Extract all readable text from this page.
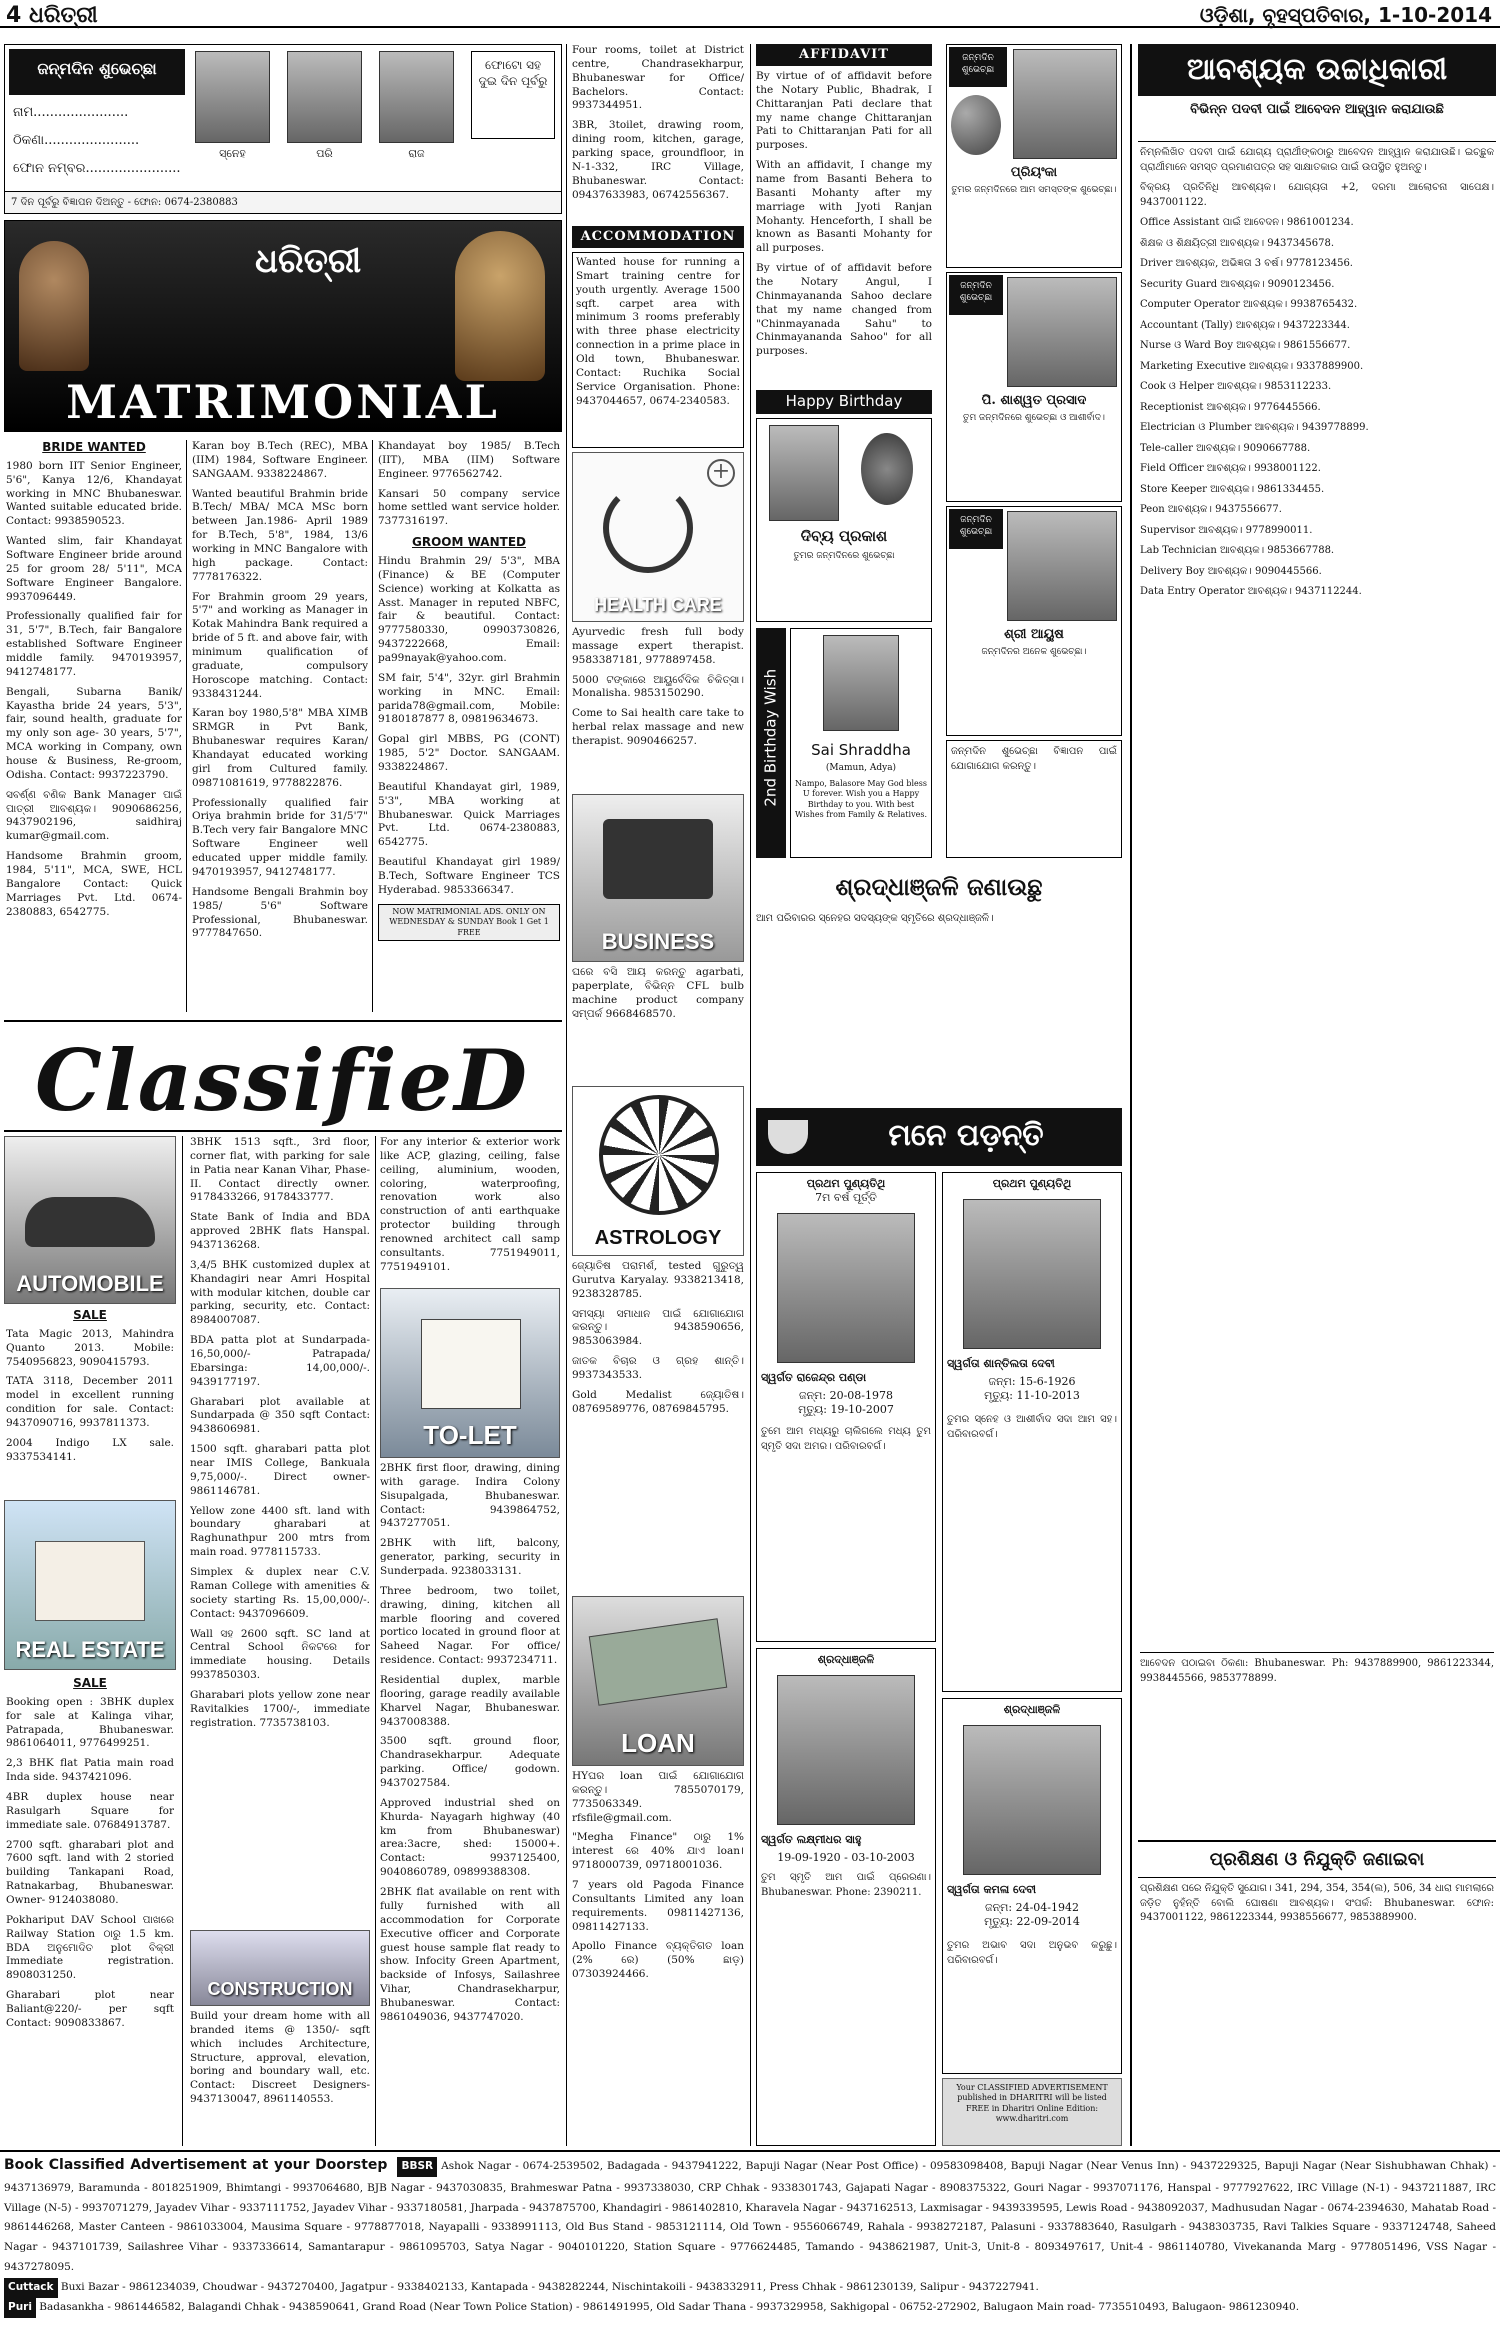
4 ଧରିତ୍ରୀ	ଓଡ଼ିଶା, ବୃହସ୍ପତିବାର, 1-10-2014
ଜନ୍ମଦିନ ଶୁଭେଚ୍ଛା
ନାମ.......................
ଠିକଣା.......................
ଫୋନ ନମ୍ବର.......................
ସ୍ନେହ	ପରି	ରାଜ
ଫୋଟୋ ସହ ଦୁଇ ଦିନ ପୂର୍ବରୁ
7 ଦିନ ପୂର୍ବରୁ ବିଜ୍ଞାପନ ଦିଅନ୍ତୁ - ଫୋନ: 0674-2380883
ଧରିତ୍ରୀ
MATRIMONIAL
BRIDE WANTED
1980 born IIT Senior Engineer, 5'6", Kanya 12/6, Khandayat working in MNC Bhubaneswar. Wanted suitable educated bride. Contact: 9938590523.
Wanted slim, fair Khandayat Software Engineer bride around 25 for groom 28/ 5'11", MCA Software Engineer Bangalore. 9937096449.
Professionally qualified fair for 31, 5'7", B.Tech, fair Bangalore established Software Engineer middle family. 9470193957, 9412748177.
Bengali, Subarna Banik/ Kayastha bride 24 years, 5'3", fair, sound health, graduate for my only son age- 30 years, 5'7", MCA working in Company, own house & Business, Re-groom, Odisha. Contact: 9937223790.
ସବର୍ଣ୍ଣ ବଣିକ Bank Manager ପାଇଁ ପାତ୍ରୀ ଆବଶ୍ୟକ। 9090686256, 9437902196, saidhiraj kumar@gmail.com.
Handsome Brahmin groom, 1984, 5'11", MCA, SWE, HCL Bangalore Contact: Quick Marriages Pvt. Ltd. 0674-2380883, 6542775.
Karan boy B.Tech (REC), MBA (IIM) 1984, Software Engineer. SANGAAM. 9338224867.
Wanted beautiful Brahmin bride B.Tech/ MBA/ MCA MSc born between Jan.1986- April 1989 for B.Tech, 5'8", 1984, 13/6 working in MNC Bangalore with high package. Contact: 7778176322.
For Brahmin groom 29 years, 5'7" and working as Manager in Kotak Mahindra Bank required a bride of 5 ft. and above fair, with minimum qualification of graduate, compulsory Horoscope matching. Contact: 9338431244.
Karan boy 1980,5'8" MBA XIMB SRMGR in Pvt Bank, Bhubaneswar requires Karan/ Khandayat educated working girl from Cultured family. 09871081619, 9778822876.
Professionally qualified fair Oriya brahmin bride for 31/5'7" B.Tech very fair Bangalore MNC Software Engineer well educated upper middle family. 9470193957, 9412748177.
Handsome Bengali Brahmin boy 1985/ 5'6" Software Professional, Bhubaneswar. 9777847650.
Khandayat boy 1985/ B.Tech (IIT), MBA (IIM) Software Engineer. 9776562742.
Kansari 50 company service home settled want service holder. 7377316197.
GROOM WANTED
Hindu Brahmin 29/ 5'3", MBA (Finance) & BE (Computer Science) working at Kolkatta as Asst. Manager in reputed NBFC, fair & beautiful. Contact: 9777580330, 09903730826, 9437222668, Email: pa99nayak@yahoo.com.
SM fair, 5'4", 32yr. girl Brahmin working in MNC. Email: parida78@gmail.com, Mobile: 9180187877 8, 09819634673.
Gopal girl MBBS, PG (CONT) 1985, 5'2" Doctor. SANGAAM. 9338224867.
Beautiful Khandayat girl, 1989, 5'3", MBA working at Bhubaneswar. Quick Marriages Pvt. Ltd. 0674-2380883, 6542775.
Beautiful Khandayat girl 1989/ B.Tech, Software Engineer TCS Hyderabad. 9853366347.
NOW MATRIMONIAL ADS. ONLY ON WEDNESDAY & SUNDAY Book 1 Get 1 FREE
ClassifieD
AUTOMOBILE
SALE
Tata Magic 2013, Mahindra Quanto 2013. Mobile: 7540956823, 9090415793.
TATA 3118, December 2011 model in excellent running condition for sale. Contact: 9437090716, 9937811373.
2004 Indigo LX sale. 9337534141.
REAL ESTATE
SALE
Booking open : 3BHK duplex for sale at Kalinga vihar, Patrapada, Bhubaneswar. 9861064011, 9776499251.
2,3 BHK flat Patia main road Inda side. 9437421096.
4BR duplex house near Rasulgarh Square for immediate sale. 07684913787.
2700 sqft. gharabari plot and 7600 sqft. land with 2 storied building Tankapani Road, Ratnakarbag, Bhubaneswar. Owner- 9124038080.
Pokhariput DAV School ପାଖରେ Railway Station ଠାରୁ 1.5 km. BDA ଅନୁମୋଦିତ plot ବିକ୍ରୀ Immediate registration. 8908031250.
Gharabari plot near Baliant@220/- per sqft Contact: 9090833867.
3BHK 1513 sqft., 3rd floor, corner flat, with parking for sale in Patia near Kanan Vihar, Phase-II. Contact directly owner. 9178433266, 9178433777.
State Bank of India and BDA approved 2BHK flats Hanspal. 9437136268.
3,4/5 BHK customized duplex at Khandagiri near Amri Hospital with modular kitchen, double car parking, security, etc. Contact: 8984007087.
BDA patta plot at Sundarpada- 16,50,000/- Patrapada/ Ebarsinga: 14,00,000/-. 9439177197.
Gharabari plot available at Sundarpada @ 350 sqft Contact: 9438606981.
1500 sqft. gharabari patta plot near IMIS College, Bankuala 9,75,000/-. Direct owner- 9861146781.
Yellow zone 4400 sft. land with boundary gharabari at Raghunathpur 200 mtrs from main road. 9778115733.
Simplex & duplex near C.V. Raman College with amenities & society starting Rs. 15,00,000/-. Contact: 9437096609.
Wall ସହ 2600 sqft. SC land at Central School ନିକଟରେ for immediate housing. Details 9937850303.
Gharabari plots yellow zone near Ravitalkies 1700/-, immediate registration. 7735738103.
CONSTRUCTION
Build your dream home with all branded items @ 1350/- sqft which includes Architecture, Structure, approval, elevation, boring and boundary wall, etc. Contact: Discreet Designers- 9437130047, 8961140553.
For any interior & exterior work like ACP, glazing, ceiling, false ceiling, aluminium, wooden, coloring, waterproofing, renovation work also construction of anti earthquake protector building through renowned architect call samp consultants. 7751949011, 7751949101.
TO-LET
2BHK first floor, drawing, dining with garage. Indira Colony Sisupalgada, Bhubaneswar. Contact: 9439864752, 9437277051.
2BHK with lift, balcony, generator, parking, security in Sunderpada. 9238033131.
Three bedroom, two toilet, drawing, dining, kitchen all marble flooring and covered portico located in ground floor at Saheed Nagar. For office/ residence. Contact: 9937234711.
Residential duplex, marble flooring, garage readily available Kharvel Nagar, Bhubaneswar. 9437008388.
3500 sqft. ground floor, Chandrasekharpur. Adequate parking. Office/ godown. 9437027584.
Approved industrial shed on Khurda- Nayagarh highway (40 km from Bhubaneswar) area:3acre, shed: 15000+. Contact: 9937125400, 9040860789, 09899388308.
2BHK flat available on rent with fully furnished with all accommodation for Corporate Executive officer and Corporate guest house sample flat ready to show. Infocity Green Apartment, backside of Infosys, Sailashree Vihar, Chandrasekharpur, Bhubaneswar. Contact: 9861049036, 9437747020.
Four rooms, toilet at District centre, Chandrasekharpur, Bhubaneswar for Office/ Bachelors. Contact: 9937344951.
3BR, 3toilet, drawing room, dining room, kitchen, garage, parking space, groundfloor, in N-1-332, IRC Village, Bhubaneswar. Contact: 09437633983, 06742556367.
ACCOMMODATION
Wanted house for running a Smart training centre for youth urgently. Average 1500 sqft. carpet area with minimum 3 rooms preferably with three phase electricity connection in a prime place in Old town, Bhubaneswar. Contact: Ruchika Social Service Organisation. Phone: 9437044657, 0674-2340583.
+
HEALTH CARE
Ayurvedic fresh full body massage expert therapist. 9583387181, 9778897458.
5000 ଟଙ୍କାରେ ଆୟୁର୍ବେଦିକ ଚିକିତ୍ସା। Monalisha. 9853150290.
Come to Sai health care take to herbal relax massage and new therapist. 9090466257.
BUSINESS
ଘରେ ବସି ଆୟ କରନ୍ତୁ agarbati, paperplate, ବିଭିନ୍ନ CFL bulb machine product company ସମ୍ପର୍କ 9668468570.
ASTROLOGY
ଜ୍ୟୋତିଷ ପରାମର୍ଶ, tested ଗୁରୁତ୍ୱ Gurutva Karyalay. 9338213418, 9238328785.
ସମସ୍ୟା ସମାଧାନ ପାଇଁ ଯୋଗାଯୋଗ କରନ୍ତୁ। 9438590656, 9853063984.
ଜାତକ ବିଚାର ଓ ଗ୍ରହ ଶାନ୍ତି। 9937343533.
Gold Medalist ଜ୍ୟୋତିଷ। 08769589776, 08769845795.
LOAN
HYଘର loan ପାଇଁ ଯୋଗାଯୋଗ କରନ୍ତୁ। 7855070179, 7735063349. rfsfile@gmail.com.
"Megha Finance" ଠାରୁ 1% interest ରେ 40% ଯାଏ loan। 9718000739, 09718001036.
7 years old Pagoda Finance Consultants Limited any loan requirements. 09811427136, 09811427133.
Apollo Finance ବ୍ୟକ୍ତିଗତ loan (2% ରେ) (50% ଛାଡ଼) 07303924466.
AFFIDAVIT
By virtue of of affidavit before the Notary Public, Bhadrak, I Chittaranjan Pati declare that my name change Chittaranjan Pati to Chittaranjan Pati for all purposes.
With an affidavit, I change my name from Basanti Behera to Basanti Mohanty after my marriage with Jyoti Ranjan Mohanty. Henceforth, I shall be known as Basanti Mohanty for all purposes.
By virtue of of affidavit before the Notary Angul, I Chinmayananda Sahoo declare that my name changed from "Chinmayanada Sahu" to Chinmayananda Sahoo" for all purposes.
Happy Birthday
ଦିବ୍ୟ ପ୍ରକାଶ
ତୁମର ଜନ୍ମଦିନରେ ଶୁଭେଚ୍ଛା
2nd Birthday Wish	Sai Shraddha
(Mamun, Adya)
Nampo, Balasore May God bless U forever. Wish you a Happy Birthday to you. With best Wishes from Family & Relatives.
ଜନ୍ମଦିନ ଶୁଭେଚ୍ଛା
ପ୍ରିୟଂକା
ତୁମର ଜନ୍ମଦିନରେ ଆମ ସମସ୍ତଙ୍କ ଶୁଭେଚ୍ଛା।
ଜନ୍ମଦିନ ଶୁଭେଚ୍ଛା
ପି. ଶାଶ୍ୱତ ପ୍ରସାଦ
ତୁମ ଜନ୍ମଦିନରେ ଶୁଭେଚ୍ଛା ଓ ଆଶୀର୍ବାଦ।
ଜନ୍ମଦିନ ଶୁଭେଚ୍ଛା
ଶ୍ରୀ ଆୟୁଷ
ଜନ୍ମଦିନର ଅନେକ ଶୁଭେଚ୍ଛା।
ଜନ୍ମଦିନ ଶୁଭେଚ୍ଛା ବିଜ୍ଞାପନ ପାଇଁ ଯୋଗାଯୋଗ କରନ୍ତୁ।
ଶ୍ରଦ୍ଧାଞ୍ଜଳି ଜଣାଉଛୁ
ଆମ ପରିବାରର ସ୍ନେହର ସଦସ୍ୟଙ୍କ ସ୍ମୃତିରେ ଶ୍ରଦ୍ଧାଞ୍ଜଳି।
ମନେ ପଡ଼ନ୍ତି
ପ୍ରଥମ ପୁଣ୍ୟତିଥି
7ମ ବର୍ଷ ପୂର୍ତ୍ତି
ସ୍ୱର୍ଗତ ରାଜେନ୍ଦ୍ର ପଣ୍ଡା
ଜନ୍ମ: 20-08-1978
ମୃତ୍ୟୁ: 19-10-2007
ତୁମେ ଆମ ମଧ୍ୟରୁ ଚାଲିଗଲେ ମଧ୍ୟ ତୁମ ସ୍ମୃତି ସଦା ଅମର। ପରିବାରବର୍ଗ।
ପ୍ରଥମ ପୁଣ୍ୟତିଥି
ସ୍ୱର୍ଗତା ଶାନ୍ତିଲତା ଦେବୀ
ଜନ୍ମ: 15-6-1926
ମୃତ୍ୟୁ: 11-10-2013
ତୁମର ସ୍ନେହ ଓ ଆଶୀର୍ବାଦ ସଦା ଆମ ସହ। ପରିବାରବର୍ଗ।
ଶ୍ରଦ୍ଧାଞ୍ଜଳି
ସ୍ୱର୍ଗତ ଲକ୍ଷ୍ମୀଧର ସାହୁ
19-09-1920 - 03-10-2003
ତୁମ ସ୍ମୃତି ଆମ ପାଇଁ ପ୍ରେରଣା। Bhubaneswar. Phone: 2390211.
ଶ୍ରଦ୍ଧାଞ୍ଜଳି
ସ୍ୱର୍ଗତା କମଳା ଦେବୀ
ଜନ୍ମ: 24-04-1942
ମୃତ୍ୟୁ: 22-09-2014
ତୁମର ଅଭାବ ସଦା ଅନୁଭବ କରୁଛୁ। ପରିବାରବର୍ଗ।
Your CLASSIFIED ADVERTISEMENT published in DHARITRI will be listed FREE in Dharitri Online Edition: www.dharitri.com
ଆବଶ୍ୟକ ଉଚ୍ଚାଧିକାରୀ
ବିଭିନ୍ନ ପଦବୀ ପାଇଁ ଆବେଦନ ଆହ୍ୱାନ କରାଯାଉଛି
ନିମ୍ନଲିଖିତ ପଦବୀ ପାଇଁ ଯୋଗ୍ୟ ପ୍ରାର୍ଥୀଙ୍କଠାରୁ ଆବେଦନ ଆହ୍ୱାନ କରାଯାଉଛି। ଇଚ୍ଛୁକ ପ୍ରାର୍ଥୀମାନେ ସମସ୍ତ ପ୍ରମାଣପତ୍ର ସହ ସାକ୍ଷାତକାର ପାଇଁ ଉପସ୍ଥିତ ହୁଅନ୍ତୁ।
ବିକ୍ରୟ ପ୍ରତିନିଧି ଆବଶ୍ୟକ। ଯୋଗ୍ୟତା +2, ଦରମା ଆଲୋଚନା ସାପେକ୍ଷ। 9437001122.
Office Assistant ପାଇଁ ଆବେଦନ। 9861001234.
ଶିକ୍ଷକ ଓ ଶିକ୍ଷୟିତ୍ରୀ ଆବଶ୍ୟକ। 9437345678.
Driver ଆବଶ୍ୟକ, ଅଭିଜ୍ଞତା 3 ବର୍ଷ। 9778123456.
Security Guard ଆବଶ୍ୟକ। 9090123456.
Computer Operator ଆବଶ୍ୟକ। 9938765432.
Accountant (Tally) ଆବଶ୍ୟକ। 9437223344.
Nurse ଓ Ward Boy ଆବଶ୍ୟକ। 9861556677.
Marketing Executive ଆବଶ୍ୟକ। 9337889900.
Cook ଓ Helper ଆବଶ୍ୟକ। 9853112233.
Receptionist ଆବଶ୍ୟକ। 9776445566.
Electrician ଓ Plumber ଆବଶ୍ୟକ। 9439778899.
Tele-caller ଆବଶ୍ୟକ। 9090667788.
Field Officer ଆବଶ୍ୟକ। 9938001122.
Store Keeper ଆବଶ୍ୟକ। 9861334455.
Peon ଆବଶ୍ୟକ। 9437556677.
Supervisor ଆବଶ୍ୟକ। 9778990011.
Lab Technician ଆବଶ୍ୟକ। 9853667788.
Delivery Boy ଆବଶ୍ୟକ। 9090445566.
Data Entry Operator ଆବଶ୍ୟକ। 9437112244.
ଆବେଦନ ପଠାଇବା ଠିକଣା: Bhubaneswar. Ph: 9437889900, 9861223344, 9938445566, 9853778899.
ପ୍ରଶିକ୍ଷଣ ଓ ନିଯୁକ୍ତି ଜଣାଇବା
ପ୍ରଶିକ୍ଷଣ ପରେ ନିଯୁକ୍ତି ସୁଯୋଗ। 341, 294, 354, 354(ଲ), 506, 34 ଧାରା ମାମଲାରେ ଜଡ଼ିତ ନୁହଁନ୍ତି ବୋଲି ଘୋଷଣା ଆବଶ୍ୟକ। ସଂପର୍କ: Bhubaneswar. ଫୋନ: 9437001122, 9861223344, 9938556677, 9853889900.
Book Classified Advertisement at your Doorstep BBSR Ashok Nagar - 0674-2539502, Badagada - 9437941222, Bapuji Nagar (Near Post Office) - 09583098408, Bapuji Nagar (Near Venus Inn) - 9437229325, Bapuji Nagar (Near Sishubhawan Chhak) - 9437136979, Baramunda - 8018251909, Bhimtangi - 9937064680, BJB Nagar - 9437030835, Brahmeswar Patna - 9937338030, CRP Chhak - 9338301743, Gajapati Nagar - 8908375322, Gouri Nagar - 9937071176, Hanspal - 9777927622, IRC Village (N-1) - 9437211887, IRC Village (N-5) - 9937071279, Jayadev Vihar - 9337111752, Jayadev Vihar - 9337180581, Jharpada - 9437875700, Khandagiri - 9861402810, Kharavela Nagar - 9437162513, Laxmisagar - 9439339595, Lewis Road - 9438092037, Madhusudan Nagar - 0674-2394630, Mahatab Road - 9861446268, Master Canteen - 9861033004, Mausima Square - 9778877018, Nayapalli - 9338991113, Old Bus Stand - 9853121114, Old Town - 9556066749, Rahala - 9938272187, Palasuni - 9337883640, Rasulgarh - 9438303735, Ravi Talkies Square - 9337124748, Saheed Nagar - 9437101739, Sailashree Vihar - 9337336614, Samantarapur - 9861095703, Satya Nagar - 9040101220, Station Square - 9776624485, Tamando - 9438621987, Unit-3, Unit-8 - 8093497617, Unit-4 - 9861140780, Vivekananda Marg - 9778051496, VSS Nagar - 9437278095.
Cuttack Buxi Bazar - 9861234039, Choudwar - 9437270400, Jagatpur - 9338402133, Kantapada - 9438282244, Nischintakoili - 9438332911, Press Chhak - 9861230139, Salipur - 9437227941.
Puri Badasankha - 9861446582, Balagandi Chhak - 9438590641, Grand Road (Near Town Police Station) - 9861491995, Old Sadar Thana - 9937329958, Sakhigopal - 06752-272902, Balugaon Main road- 7735510493, Balugaon- 9861230940.
